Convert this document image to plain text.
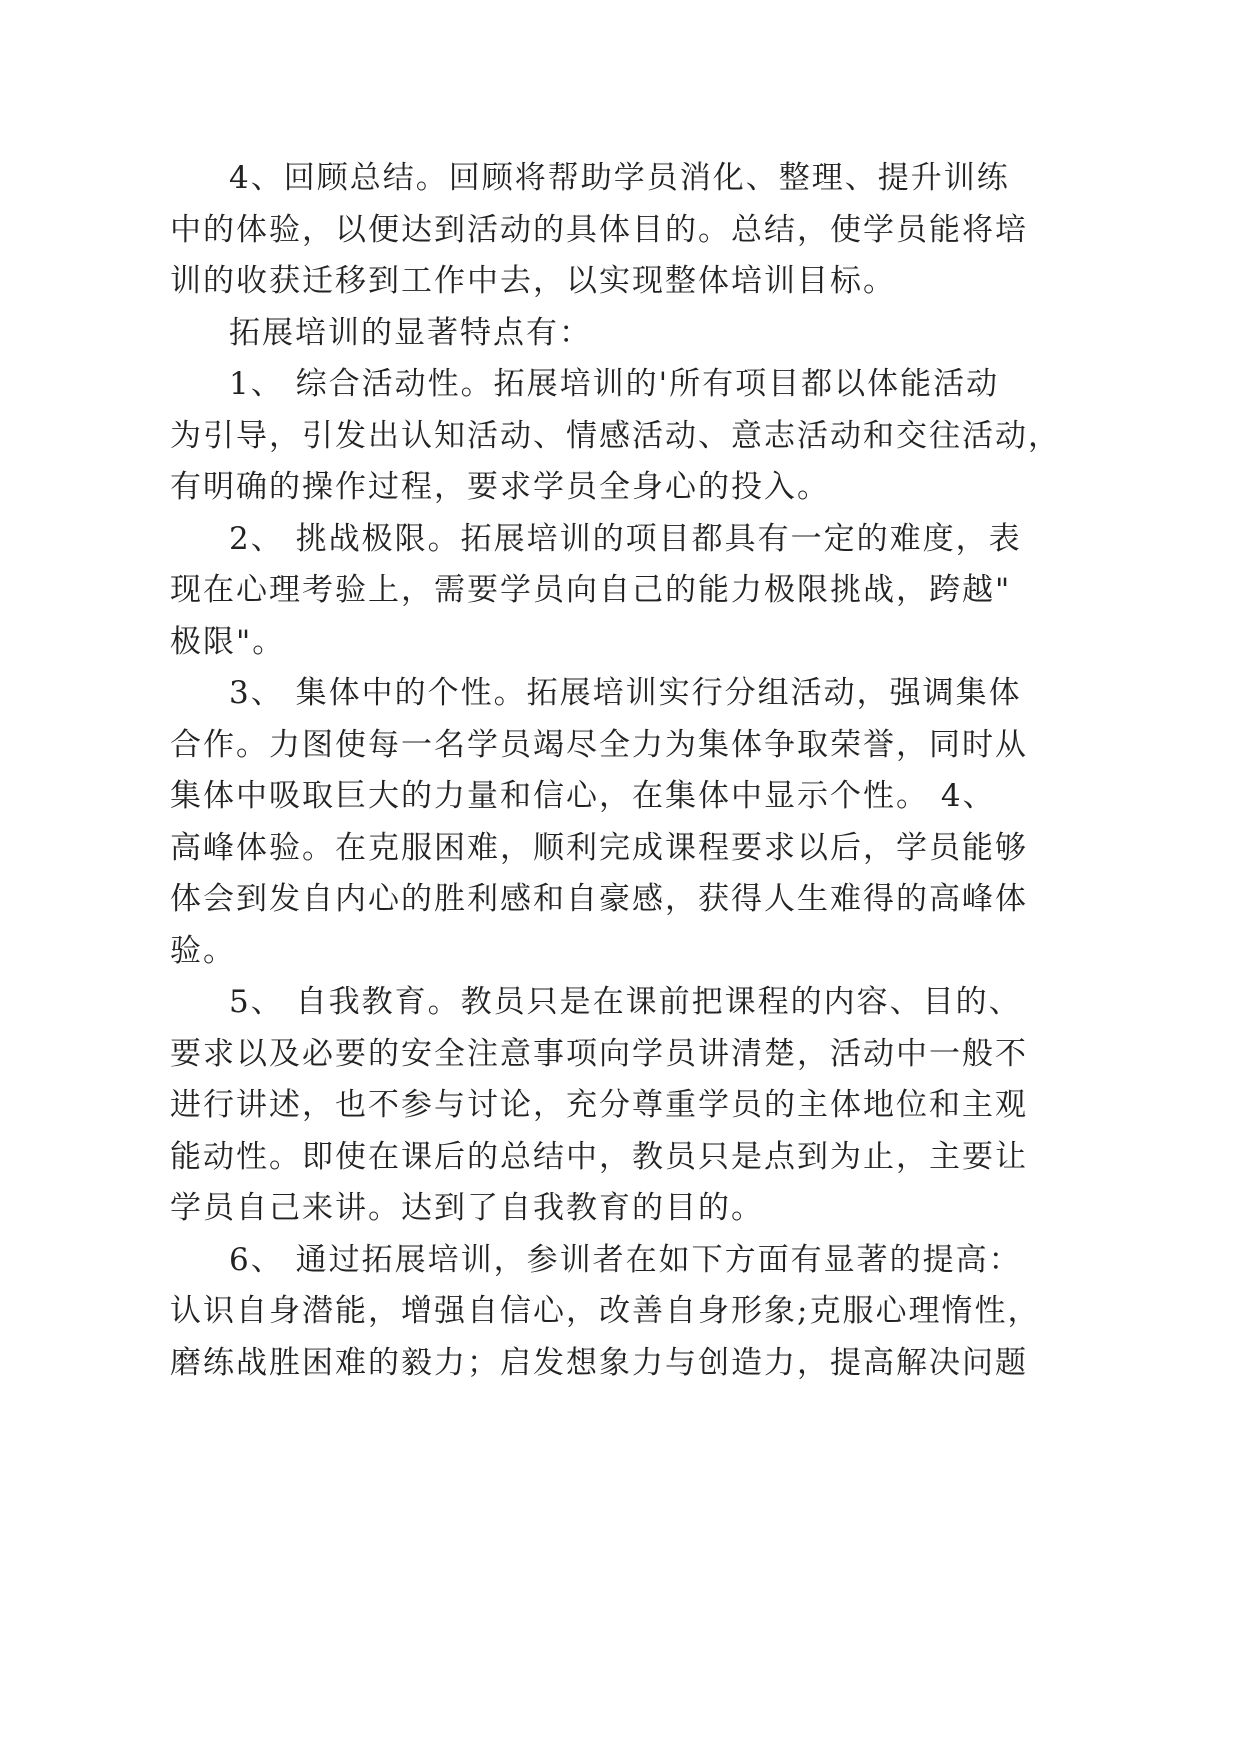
4、回顾总结。回顾将帮助学员消化、整理、提升训练
中的体验，以便达到活动的具体目的。总结，使学员能将培
训的收获迁移到工作中去，以实现整体培训目标。
拓展培训的显著特点有：
1、 综合活动性。拓展培训的'所有项目都以体能活动
为引导，引发出认知活动、情感活动、意志活动和交往活动，
有明确的操作过程，要求学员全身心的投入。
2、 挑战极限。拓展培训的项目都具有一定的难度，表
现在心理考验上，需要学员向自己的能力极限挑战，跨越"
极限"。
3、 集体中的个性。拓展培训实行分组活动，强调集体
合作。力图使每一名学员竭尽全力为集体争取荣誉，同时从
集体中吸取巨大的力量和信心，在集体中显示个性。 4、
高峰体验。在克服困难，顺利完成课程要求以后，学员能够
体会到发自内心的胜利感和自豪感，获得人生难得的高峰体
验。
5、 自我教育。教员只是在课前把课程的内容、目的、
要求以及必要的安全注意事项向学员讲清楚，活动中一般不
进行讲述，也不参与讨论，充分尊重学员的主体地位和主观
能动性。即使在课后的总结中，教员只是点到为止，主要让
学员自己来讲。达到了自我教育的目的。
6、 通过拓展培训，参训者在如下方面有显著的提高：
认识自身潜能，增强自信心，改善自身形象;克服心理惰性，
磨练战胜困难的毅力；启发想象力与创造力，提高解决问题
